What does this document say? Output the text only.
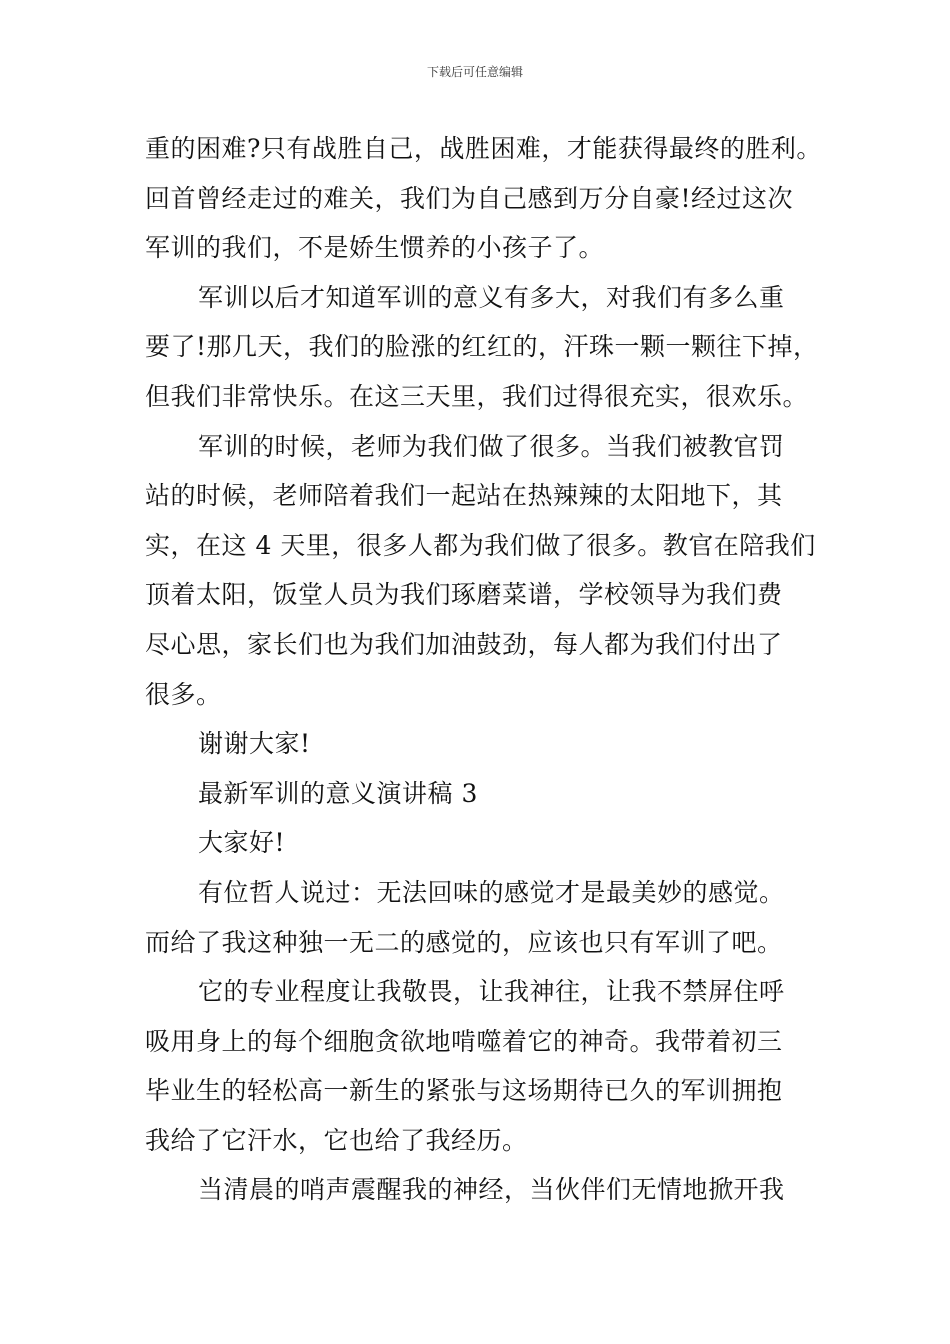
下载后可任意编辑
重的困难?只有战胜自己，战胜困难，才能获得最终的胜利。
回首曾经走过的难关，我们为自己感到万分自豪!经过这次
军训的我们，不是娇生惯养的小孩子了。
军训以后才知道军训的意义有多大，对我们有多么重
要了!那几天，我们的脸涨的红红的，汗珠一颗一颗往下掉，
但我们非常快乐。在这三天里，我们过得很充实，很欢乐。
军训的时候，老师为我们做了很多。当我们被教官罚
站的时候，老师陪着我们一起站在热辣辣的太阳地下，其
实，在这 4 天里，很多人都为我们做了很多。教官在陪我们
顶着太阳，饭堂人员为我们琢磨菜谱，学校领导为我们费
尽心思，家长们也为我们加油鼓劲，每人都为我们付出了
很多。
谢谢大家!
最新军训的意义演讲稿 3
大家好!
有位哲人说过：无法回味的感觉才是最美妙的感觉。
而给了我这种独一无二的感觉的，应该也只有军训了吧。
它的专业程度让我敬畏，让我神往，让我不禁屏住呼
吸用身上的每个细胞贪欲地啃噬着它的神奇。我带着初三
毕业生的轻松高一新生的紧张与这场期待已久的军训拥抱
我给了它汗水，它也给了我经历。
当清晨的哨声震醒我的神经，当伙伴们无情地掀开我
